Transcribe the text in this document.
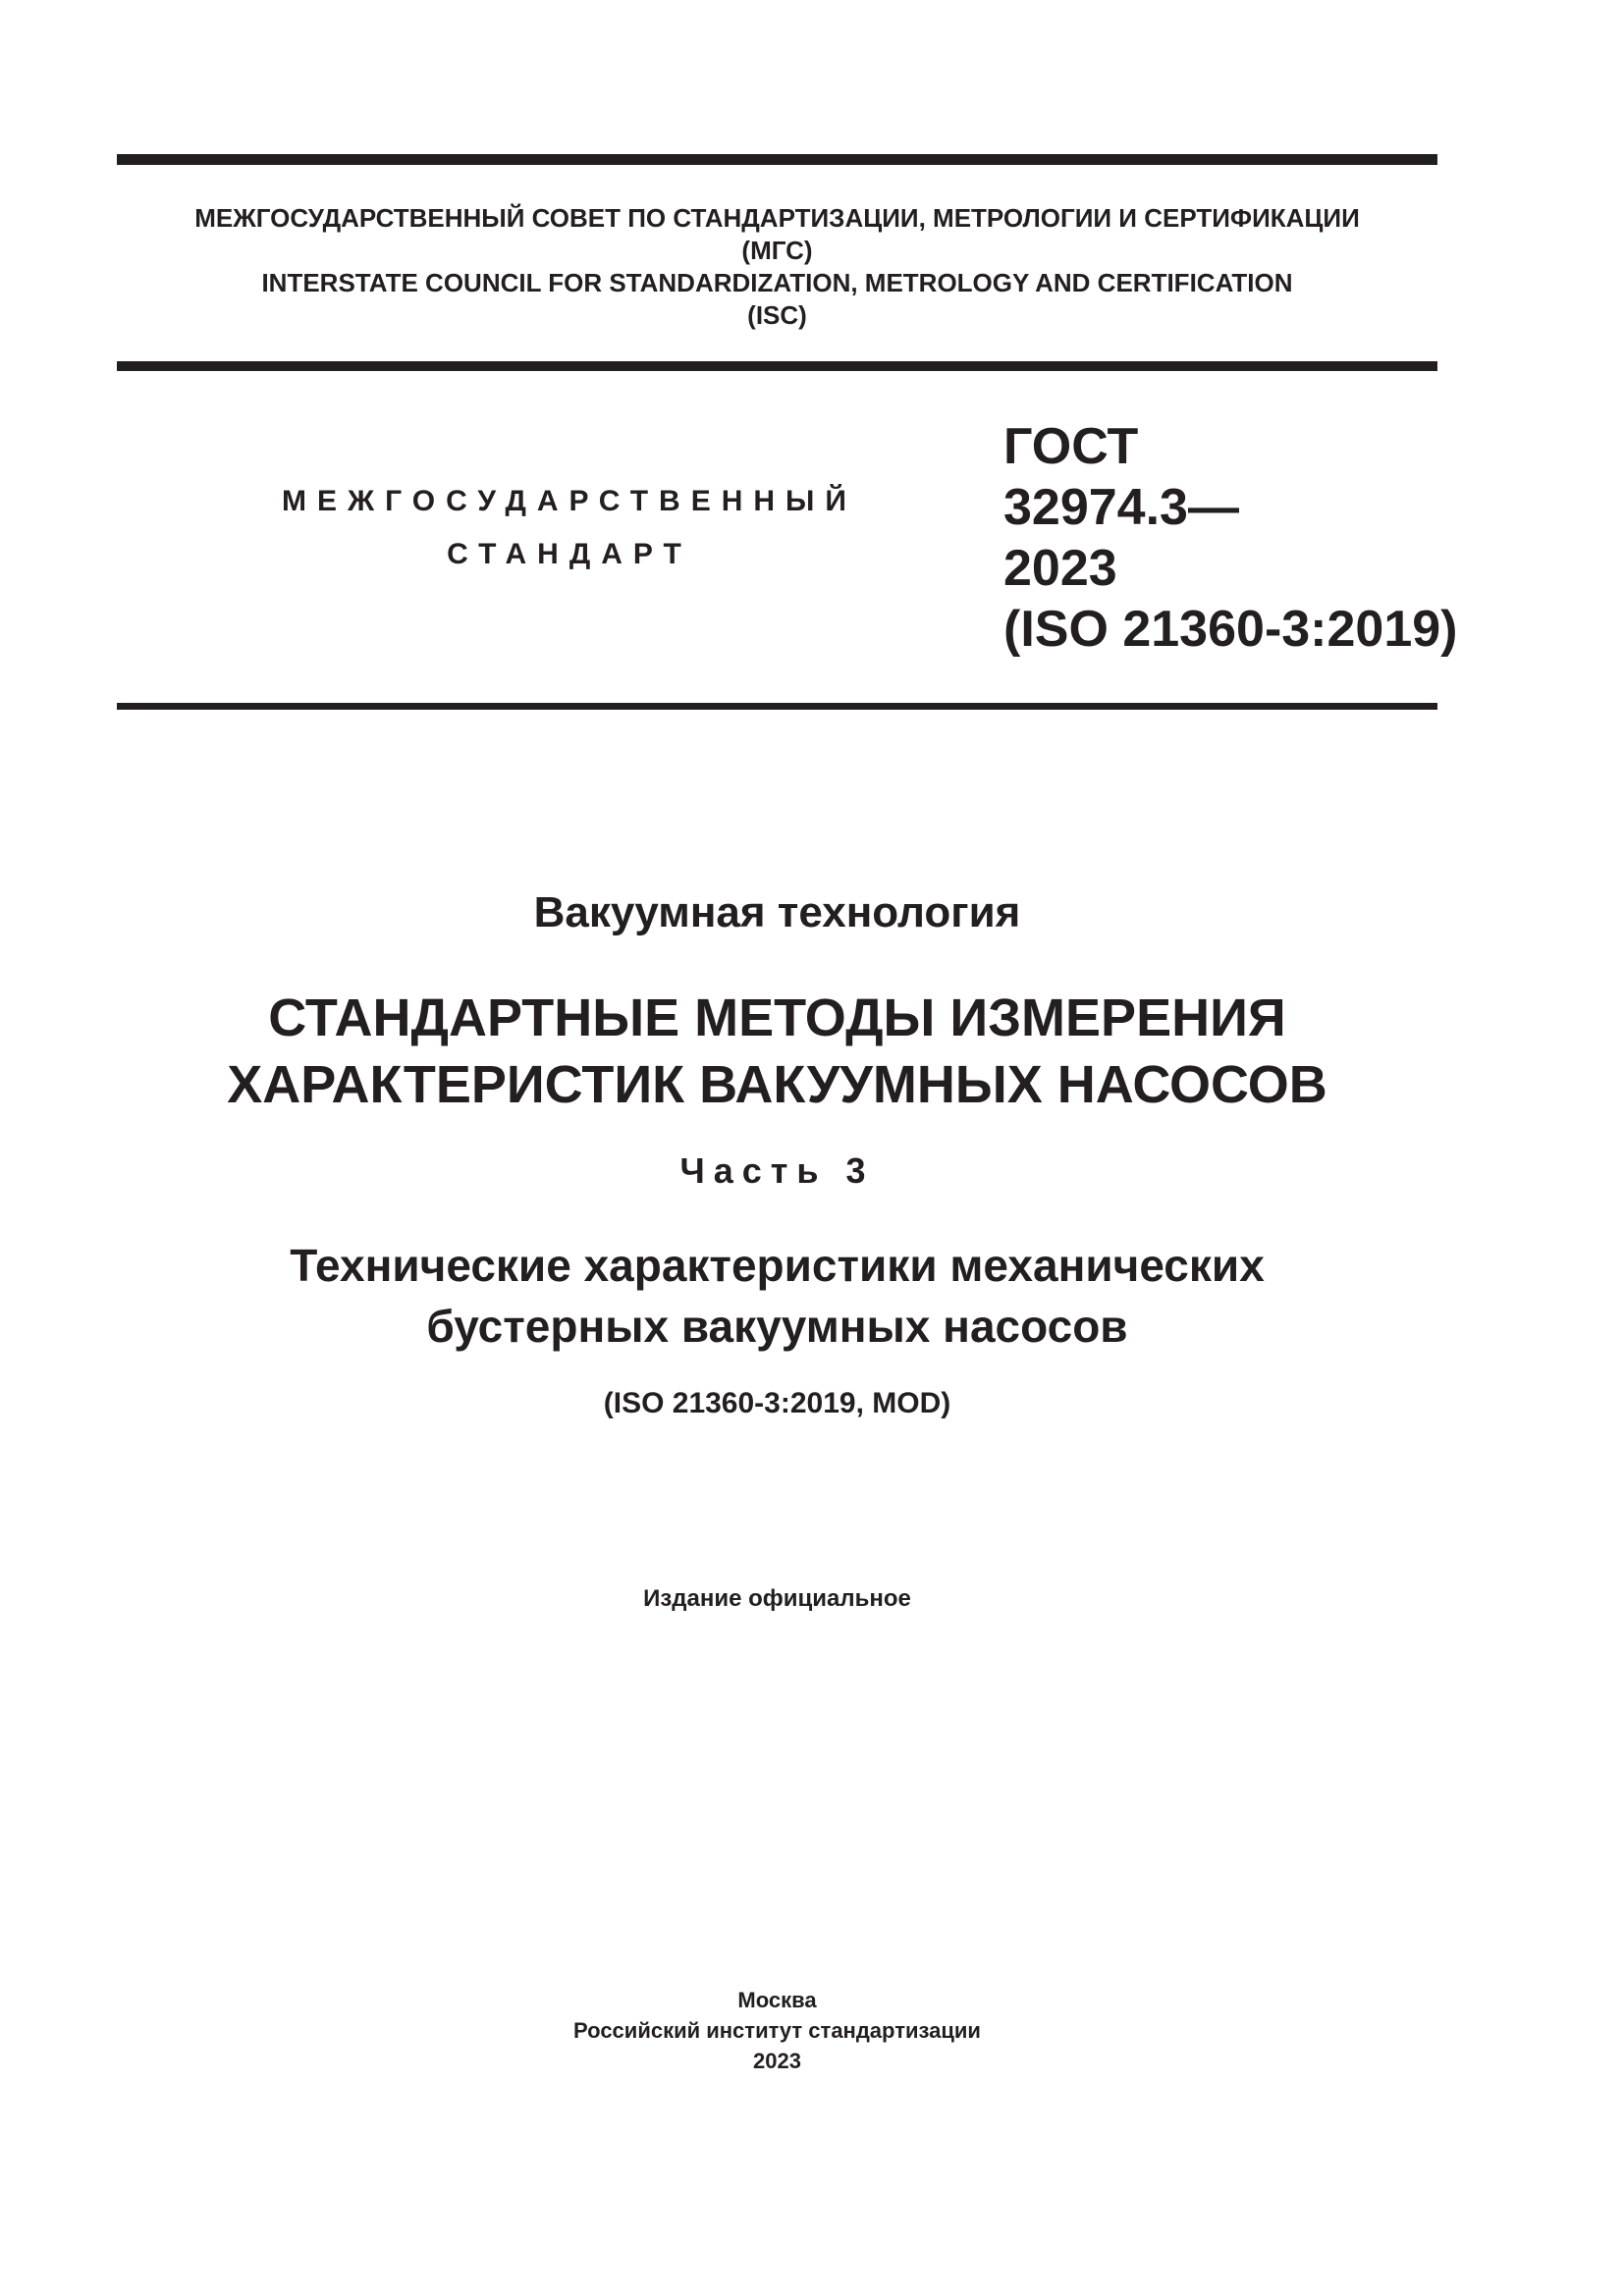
МЕЖГОСУДАРСТВЕННЫЙ СОВЕТ ПО СТАНДАРТИЗАЦИИ, МЕТРОЛОГИИ И СЕРТИФИКАЦИИ
(МГС)
INTERSTATE COUNCIL FOR STANDARDIZATION, METROLOGY AND CERTIFICATION
(ISC)
МЕЖГОСУДАРСТВЕННЫЙ
СТАНДАРТ
ГОСТ
32974.3—
2023
(ISO 21360-3:2019)
Вакуумная технология
СТАНДАРТНЫЕ МЕТОДЫ ИЗМЕРЕНИЯ
ХАРАКТЕРИСТИК ВАКУУМНЫХ НАСОСОВ
Часть 3
Технические характеристики механических
бустерных вакуумных насосов
(ISO 21360-3:2019, MOD)
Издание официальное
Москва
Российский институт стандартизации
2023
